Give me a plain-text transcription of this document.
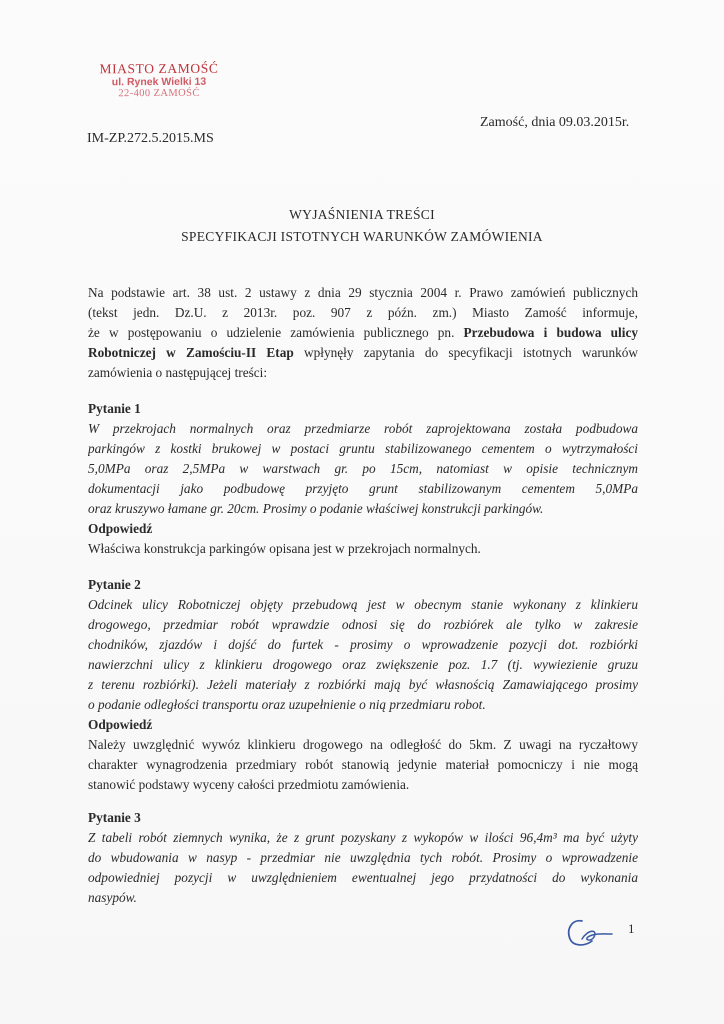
MIASTO ZAMOŚĆ
ul. Rynek Wielki 13
22-400 ZAMOŚĆ
Zamość, dnia 09.03.2015r.
IM-ZP.272.5.2015.MS
WYJAŚNIENIA TREŚCI
SPECYFIKACJI ISTOTNYCH WARUNKÓW ZAMÓWIENIA
Na podstawie art. 38 ust. 2 ustawy z dnia 29 stycznia 2004 r. Prawo zamówień publicznych
(tekst jedn. Dz.U. z 2013r. poz. 907 z późn. zm.) Miasto Zamość informuje,
że w postępowaniu o udzielenie zamówienia publicznego pn. Przebudowa i budowa ulicy
Robotniczej w Zamościu-II Etap wpłynęły zapytania do specyfikacji istotnych warunków
zamówienia o następującej treści:
Pytanie 1
W przekrojach normalnych oraz przedmiarze robót zaprojektowana została podbudowa
parkingów z kostki brukowej w postaci gruntu stabilizowanego cementem o wytrzymałości
5,0MPa oraz 2,5MPa w warstwach gr. po 15cm, natomiast w opisie technicznym
dokumentacji jako podbudowę przyjęto grunt stabilizowanym cementem 5,0MPa
oraz kruszywo łamane gr. 20cm. Prosimy o podanie właściwej konstrukcji parkingów.
Odpowiedź
Właściwa konstrukcja parkingów opisana jest w przekrojach normalnych.
Pytanie 2
Odcinek ulicy Robotniczej objęty przebudową jest w obecnym stanie wykonany z klinkieru
drogowego, przedmiar robót wprawdzie odnosi się do rozbiórek ale tylko w zakresie
chodników, zjazdów i dojść do furtek - prosimy o wprowadzenie pozycji dot. rozbiórki
nawierzchni ulicy z klinkieru drogowego oraz zwiększenie poz. 1.7 (tj. wywiezienie gruzu
z terenu rozbiórki). Jeżeli materiały z rozbiórki mają być własnością Zamawiającego prosimy
o podanie odległości transportu oraz uzupełnienie o nią przedmiaru robot.
Odpowiedź
Należy uwzględnić wywóz klinkieru drogowego na odległość do 5km. Z uwagi na ryczałtowy
charakter wynagrodzenia przedmiary robót stanowią jedynie materiał pomocniczy i nie mogą
stanowić podstawy wyceny całości przedmiotu zamówienia.
Pytanie 3
Z tabeli robót ziemnych wynika, że z grunt pozyskany z wykopów w ilości 96,4m³ ma być użyty
do wbudowania w nasyp - przedmiar nie uwzględnia tych robót. Prosimy o wprowadzenie
odpowiedniej pozycji w uwzględnieniem ewentualnej jego przydatności do wykonania
nasypów.
1
